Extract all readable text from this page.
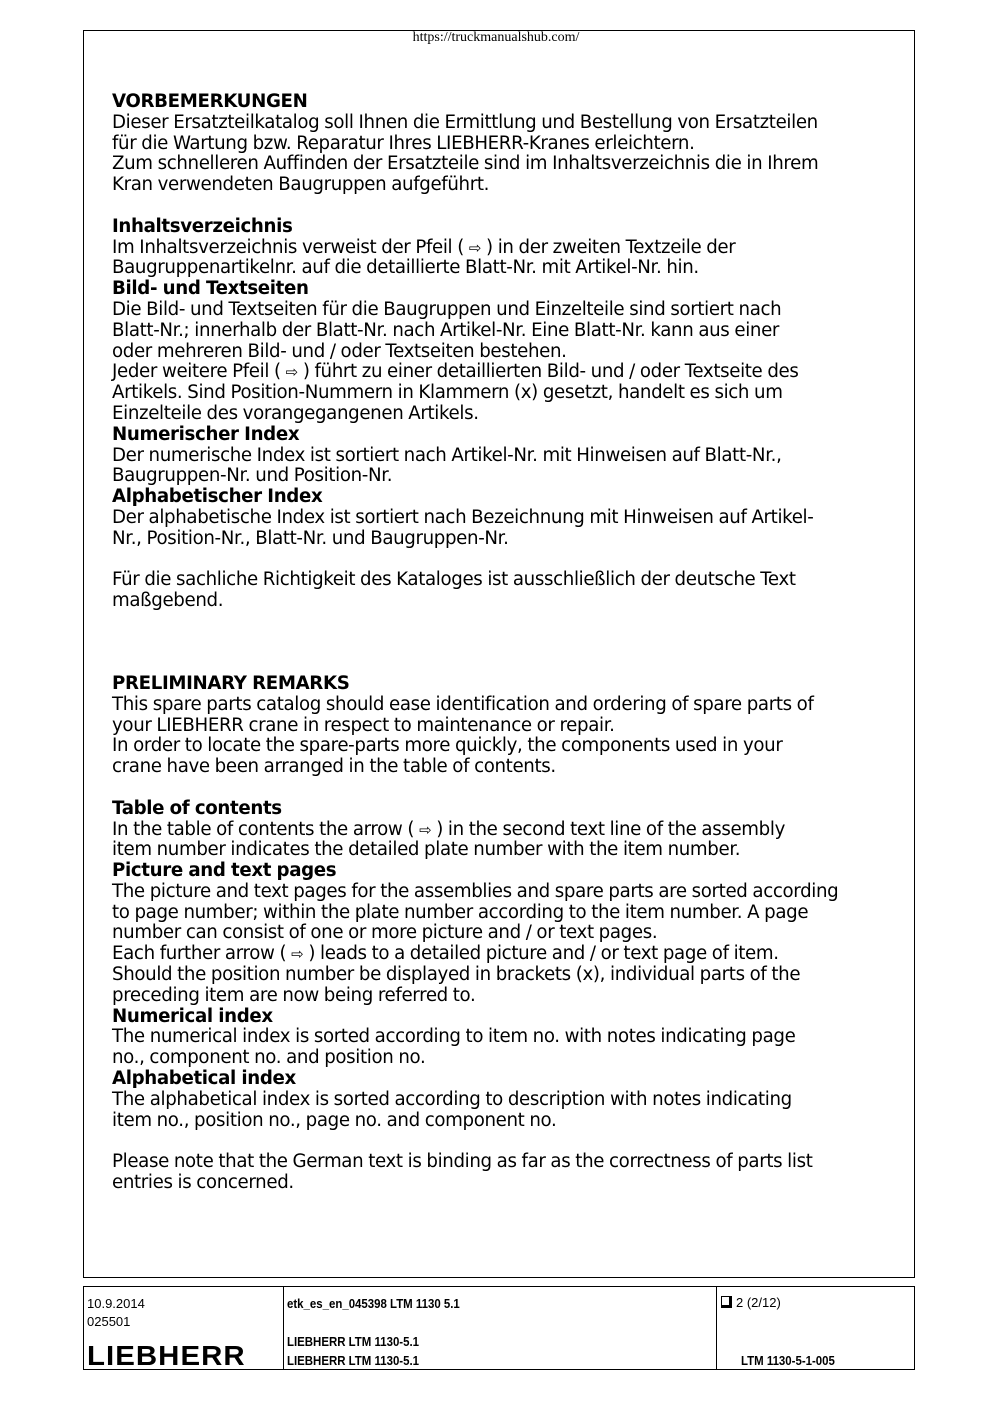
https://truckmanualshub.com/

VORBEMERKUNGEN

Dieser Ersatzteilkatalog soll Ihnen die Ermittlung und Bestellung von Ersatzteilen

für die Wartung bzw. Reparatur Ihres LIEBHERR-Kranes erleichtern.

Zum schnelleren Auffinden der Ersatzteile sind im Inhaltsverzeichnis die in Ihrem

Kran verwendeten Baugruppen aufgeführt.

Inhaltsverzeichnis

Im Inhaltsverzeichnis verweist der Pfeil ( ⇨ ) in der zweiten Textzeile der

Baugruppenartikelnr. auf die detaillierte Blatt-Nr. mit Artikel-Nr. hin.

Bild- und Textseiten

Die Bild- und Textseiten für die Baugruppen und Einzelteile sind sortiert nach

Blatt-Nr.; innerhalb der Blatt-Nr. nach Artikel-Nr. Eine Blatt-Nr. kann aus einer

oder mehreren Bild- und / oder Textseiten bestehen.

Jeder weitere Pfeil ( ⇨ ) führt zu einer detaillierten Bild- und / oder Textseite des

Artikels. Sind Position-Nummern in Klammern (x) gesetzt, handelt es sich um

Einzelteile des vorangegangenen Artikels.

Numerischer Index

Der numerische Index ist sortiert nach Artikel-Nr. mit Hinweisen auf Blatt-Nr.,

Baugruppen-Nr. und Position-Nr.

Alphabetischer Index

Der alphabetische Index ist sortiert nach Bezeichnung mit Hinweisen auf Artikel-

Nr., Position-Nr., Blatt-Nr. und Baugruppen-Nr.

Für die sachliche Richtigkeit des Kataloges ist ausschließlich der deutsche Text

maßgebend.

PRELIMINARY REMARKS

This spare parts catalog should ease identification and ordering of spare parts of

your LIEBHERR crane in respect to maintenance or repair.

In order to locate the spare-parts more quickly, the components used in your

crane have been arranged in the table of contents.

Table of contents

In the table of contents the arrow ( ⇨ ) in the second text line of the assembly

item number indicates the detailed plate number with the item number.

Picture and text pages

The picture and text pages for the assemblies and spare parts are sorted according

to page number; within the plate number according to the item number. A page

number can consist of one or more picture and / or text pages.

Each further arrow ( ⇨ ) leads to a detailed picture and / or text page of item.

Should the position number be displayed in brackets (x), individual parts of the

preceding item are now being referred to.

Numerical index

The numerical index is sorted according to item no. with notes indicating page

no., component no. and position no.

Alphabetical index

The alphabetical index is sorted according to description with notes indicating

item no., position no., page no. and component no.

Please note that the German text is binding as far as the correctness of parts list

entries is concerned.

10.9.2014
025501
LIEBHERR
etk_es_en_045398 LTM 1130 5.1
LIEBHERR LTM 1130-5.1
LIEBHERR LTM 1130-5.1
2 (2/12)
LTM 1130-5-1-005
